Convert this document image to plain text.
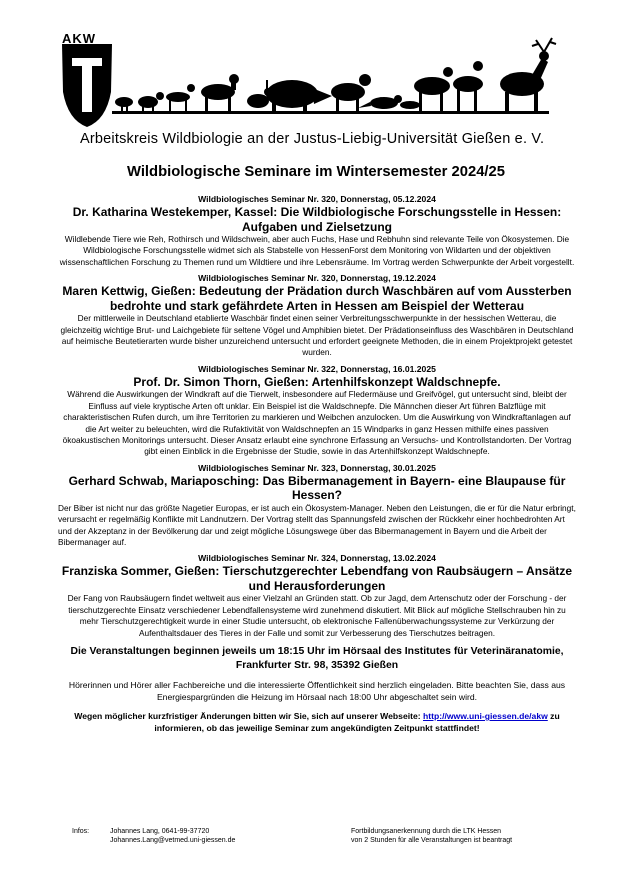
AKW
Arbeitskreis Wildbiologie an der Justus-Liebig-Universität Gießen e. V.
Wildbiologische Seminare im Wintersemester 2024/25
Wildbiologisches Seminar Nr. 320, Donnerstag, 05.12.2024
Dr. Katharina Westekemper, Kassel: Die Wildbiologische Forschungsstelle in Hessen: Aufgaben und Zielsetzung
Wildlebende Tiere wie Reh, Rothirsch und Wildschwein, aber auch Fuchs, Hase und Rebhuhn sind relevante Teile von Ökosystemen. Die Wildbiologische Forschungsstelle widmet sich als Stabstelle von HessenForst dem Monitoring von Wildarten und der objektiven wissenschaftlichen Forschung zu Themen rund um Wildtiere und ihre Lebensräume. Im Vortrag werden Schwerpunkte der Arbeit vorgestellt.
Wildbiologisches Seminar Nr. 320, Donnerstag, 19.12.2024
Maren Kettwig, Gießen: Bedeutung der Prädation durch Waschbären auf vom Aussterben bedrohte und stark gefährdete Arten in Hessen am Beispiel der Wetterau
Der mittlerweile in Deutschland etablierte Waschbär findet einen seiner Verbreitungsschwerpunkte in der hessischen Wetterau, die gleichzeitig wichtige Brut- und Laichgebiete für seltene Vögel und Amphibien bietet. Der Prädationseinfluss des Waschbären in Deutschland auf heimische Beutetierarten wurde bisher unzureichend untersucht und erfordert geeignete Methoden, die in einem Projektprojekt getestet wurden.
Wildbiologisches Seminar Nr. 322, Donnerstag, 16.01.2025
Prof. Dr. Simon Thorn, Gießen: Artenhilfskonzept Waldschnepfe.
Während die Auswirkungen der Windkraft auf die Tierwelt, insbesondere auf Fledermäuse und Greifvögel, gut untersucht sind, bleibt der Einfluss auf viele kryptische Arten oft unklar. Ein Beispiel ist die Waldschnepfe. Die Männchen dieser Art führen Balzflüge mit charakteristischen Rufen durch, um ihre Territorien zu markieren und Weibchen anzulocken. Um die Auswirkung von Windkraftanlagen auf die Art weiter zu beleuchten, wird die Rufaktivität von Waldschnepfen an 15 Windparks in ganz Hessen mithilfe eines passiven ökoakustischen Monitorings untersucht. Dieser Ansatz erlaubt eine synchrone Erfassung an Versuchs- und Kontrollstandorten. Der Vortrag gibt einen Einblick in die Ergebnisse der Studie, sowie in das Artenhilfskonzept Waldschnepfe.
Wildbiologisches Seminar Nr. 323, Donnerstag, 30.01.2025
Gerhard Schwab, Mariaposching: Das Bibermanagement in Bayern- eine Blaupause für Hessen?
Der Biber ist nicht nur das größte Nagetier Europas, er ist auch ein Ökosystem-Manager. Neben den Leistungen, die er für die Natur erbringt, verursacht er regelmäßig Konflikte mit Landnutzern. Der Vortrag stellt das Spannungsfeld zwischen der Rückkehr einer hochbedrohten Art und der Akzeptanz in der Bevölkerung dar und zeigt mögliche Lösungswege über das Bibermanagement in Bayern und die Arbeit der Bibermanager auf.
Wildbiologisches Seminar Nr. 324, Donnerstag, 13.02.2024
Franziska Sommer, Gießen: Tierschutzgerechter Lebendfang von Raubsäugern – Ansätze und Herausforderungen
Der Fang von Raubsäugern findet weltweit aus einer Vielzahl an Gründen statt. Ob zur Jagd, dem Artenschutz oder der Forschung - der tierschutzgerechte Einsatz verschiedener Lebendfallensysteme wird zunehmend diskutiert. Mit Blick auf mögliche Stellschrauben hin zu mehr Tierschutzgerechtigkeit wurde in einer Studie untersucht, ob elektronische Fallenüberwachungssysteme zur Verkürzung der Aufenthaltsdauer des Tieres in der Falle und somit zur Verbesserung des Tierschutzes beitragen.
Die Veranstaltungen beginnen jeweils um 18:15 Uhr im Hörsaal des Institutes für Veterinäranatomie, Frankfurter Str. 98, 35392 Gießen
Hörerinnen und Hörer aller Fachbereiche und die interessierte Öffentlichkeit sind herzlich eingeladen. Bitte beachten Sie, dass aus Energiespargründen die Heizung im Hörsaal nach 18:00 Uhr abgeschaltet sein wird.
Wegen möglicher kurzfristiger Änderungen bitten wir Sie, sich auf unserer Webseite: http://www.uni-giessen.de/akw zu informieren, ob das jeweilige Seminar zum angekündigten Zeitpunkt stattfindet!
Infos:	Johannes Lang, 0641-99-37720
Johannes.Lang@vetmed.uni-giessen.de
Fortbildungsanerkennung durch die LTK Hessen
von 2 Stunden für alle Veranstaltungen ist beantragt
